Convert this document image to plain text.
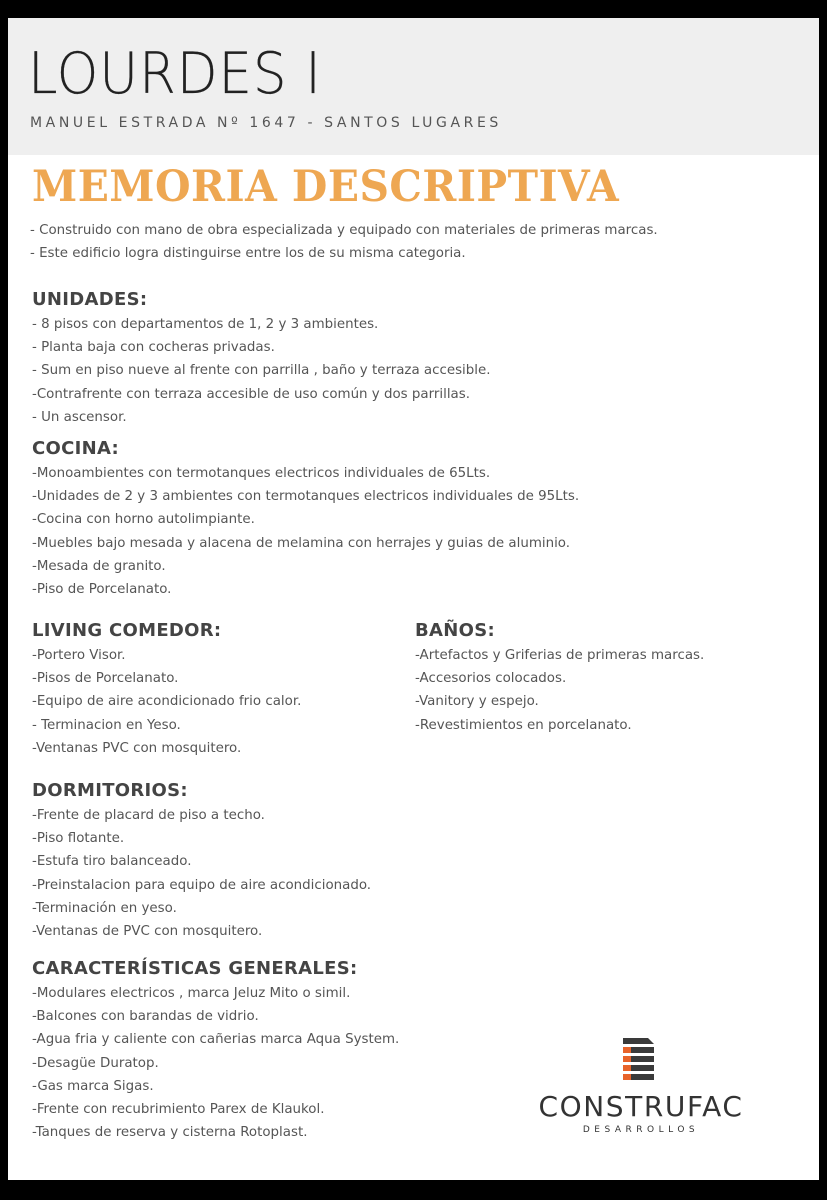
LOURDES I
MANUEL ESTRADA Nº 1647 - SANTOS LUGARES
MEMORIA DESCRIPTIVA
- Construido con mano de obra especializada y equipado con materiales de primeras marcas.
- Este edificio logra distinguirse entre los de su misma categoria.
UNIDADES:
- 8 pisos con departamentos de 1, 2 y 3 ambientes.
- Planta baja con cocheras privadas.
- Sum en piso nueve al frente con parrilla , baño y terraza accesible.
-Contrafrente con terraza accesible de uso común y dos parrillas.
- Un ascensor.
COCINA:
-Monoambientes con termotanques electricos individuales de 65Lts.
-Unidades de 2 y 3 ambientes con termotanques electricos individuales de 95Lts.
-Cocina con horno autolimpiante.
-Muebles bajo mesada y alacena de melamina con herrajes y guias de aluminio.
-Mesada de granito.
-Piso de Porcelanato.
LIVING COMEDOR:
-Portero Visor.
-Pisos de Porcelanato.
-Equipo de aire acondicionado frio calor.
- Terminacion en Yeso.
-Ventanas PVC con mosquitero.
BAÑOS:
-Artefactos y Griferias de primeras marcas.
-Accesorios colocados.
-Vanitory y espejo.
-Revestimientos en porcelanato.
DORMITORIOS:
-Frente de placard de piso a techo.
-Piso flotante.
-Estufa tiro balanceado.
-Preinstalacion para equipo de aire acondicionado.
-Terminación en yeso.
-Ventanas de PVC con mosquitero.
CARACTERÍSTICAS GENERALES:
-Modulares electricos , marca Jeluz Mito o simil.
-Balcones con barandas de vidrio.
-Agua fria y caliente con cañerias marca Aqua System.
-Desagüe Duratop.
-Gas marca Sigas.
-Frente con recubrimiento Parex de Klaukol.
-Tanques de reserva y cisterna Rotoplast.
CONSTRUFAC
DESARROLLOS
